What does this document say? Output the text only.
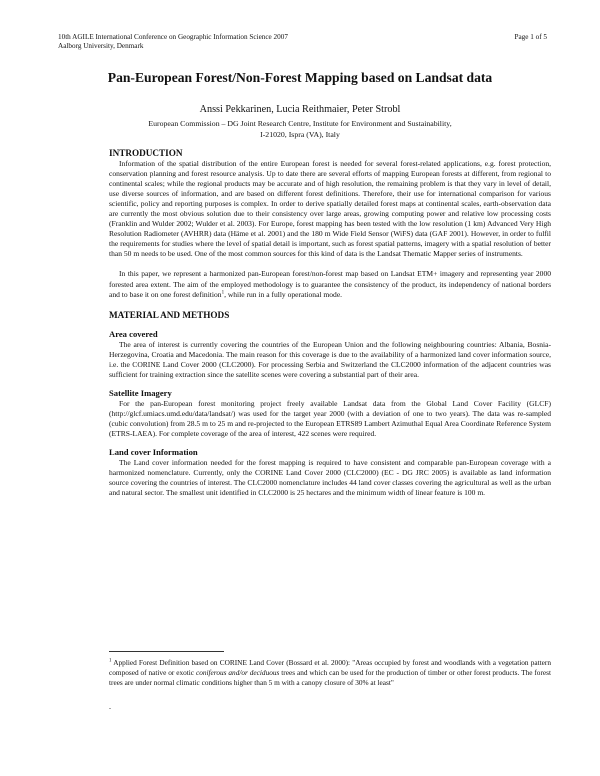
10th AGILE International Conference on Geographic Information Science 2007
Aalborg University, Denmark
Page 1 of 5
Pan-European Forest/Non-Forest Mapping based on Landsat data
Anssi Pekkarinen, Lucia Reithmaier, Peter Strobl
European Commission – DG Joint Research Centre, Institute for Environment and Sustainability,
I-21020, Ispra (VA), Italy
INTRODUCTION

Information of the spatial distribution of the entire European forest is needed for several forest-related applications, e.g. forest protection, conservation planning and forest resource analysis. Up to date there are several efforts of mapping European forests at different, from regional to continental scales; while the regional products may be accurate and of high resolution, the remaining problem is that they vary in level of detail, use diverse sources of information, and are based on different forest definitions. Therefore, their use for international comparison for various scientific, policy and reporting purposes is complex. In order to derive spatially detailed forest maps at continental scales, earth-observation data are currently the most obvious solution due to their consistency over large areas, growing computing power and relative low processing costs (Franklin and Wulder 2002; Wulder et al. 2003). For Europe, forest mapping has been tested with the low resolution (1 km) Advanced Very High Resolution Radiometer (AVHRR) data (Häme et al. 2001) and the 180 m Wide Field Sensor (WiFS) data (GAF 2001). However, in order to fulfil the requirements for studies where the level of spatial detail is important, such as forest spatial patterns, imagery with a spatial resolution of better than 50 m needs to be used. One of the most common sources for this kind of data is the Landsat Thematic Mapper series of instruments.

In this paper, we represent a harmonized pan-European forest/non-forest map based on Landsat ETM+ imagery and representing year 2000 forested area extent. The aim of the employed methodology is to guarantee the consistency of the product, its independency of national borders and to base it on one forest definition$^1$, while run in a fully operational mode.

MATERIAL AND METHODS
Area covered

The area of interest is currently covering the countries of the European Union and the following neighbouring countries: Albania, Bosnia-Herzegovina, Croatia and Macedonia. The main reason for this coverage is due to the availability of a harmonized land cover information source, i.e. the CORINE Land Cover 2000 (CLC2000). For processing Serbia and Switzerland the CLC2000 information of the adjacent countries was sufficient for training extraction since the satellite scenes were covering a substantial part of their area.

Satellite Imagery

For the pan-European forest monitoring project freely available Landsat data from the Global Land Cover Facility (GLCF) (http://glcf.umiacs.umd.edu/data/landsat/) was used for the target year 2000 (with a deviation of one to two years). The data was re-sampled (cubic convolution) from 28.5 m to 25 m and re-projected to the European ETRS89 Lambert Azimuthal Equal Area Coordinate Reference System (ETRS-LAEA). For complete coverage of the area of interest, 422 scenes were required.

Land cover Information

The Land cover information needed for the forest mapping is required to have consistent and comparable pan-European coverage with a harmonized nomenclature. Currently, only the CORINE Land Cover 2000 (CLC2000) (EC - DG JRC 2005) is available as land information source covering the countries of interest. The CLC2000 nomenclature includes 44 land cover classes covering the agricultural as well as the urban and natural sector. The smallest unit identified in CLC2000 is 25 hectares and the minimum width of linear feature is 100 m.

$^1$ Applied Forest Definition based on CORINE Land Cover (Bossard et al. 2000): "Areas occupied by forest and woodlands with a vegetation pattern composed of native or exotic coniferous and/or deciduous trees and which can be used for the production of timber or other forest products. The forest trees are under normal climatic conditions higher than 5 m with a canopy closure of 30% at least"
.
